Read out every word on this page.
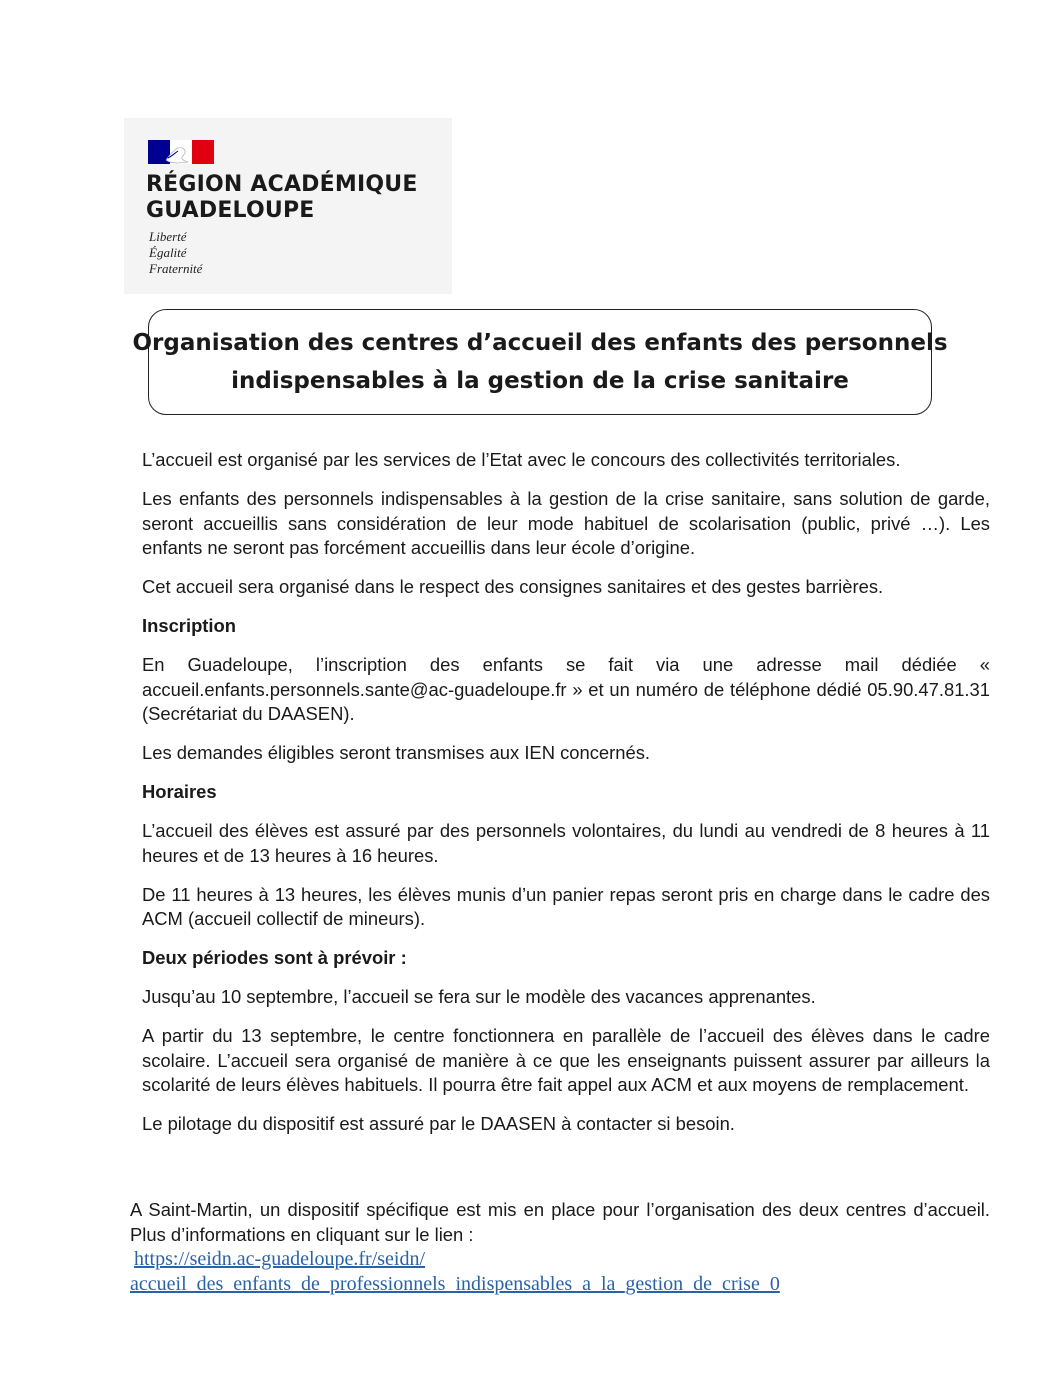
RÉGION ACADÉMIQUE
GUADELOUPE
Liberté
Égalité
Fraternité
Organisation des centres d’accueil des enfants des personnels
indispensables à la gestion de la crise sanitaire

L’accueil est organisé par les services de l’Etat avec le concours des collectivités territoriales.

Les enfants des personnels indispensables à la gestion de la crise sanitaire, sans solution de garde, seront accueillis sans considération de leur mode habituel de scolarisation (public, privé …). Les enfants ne seront pas forcément accueillis dans leur école d’origine.

Cet accueil sera organisé dans le respect des consignes sanitaires et des gestes barrières.

Inscription

En Guadeloupe, l’inscription des enfants se fait via une adresse mail dédiée « accueil.enfants.personnels.sante@ac-guadeloupe.fr » et un numéro de téléphone dédié 05.90.47.81.31 (Secrétariat du DAASEN).

Les demandes éligibles seront transmises aux IEN concernés.

Horaires

L’accueil des élèves est assuré par des personnels volontaires, du lundi au vendredi de 8 heures à 11 heures et de 13 heures à 16 heures.

De 11 heures à 13 heures, les élèves munis d’un panier repas seront pris en charge dans le cadre des ACM (accueil collectif de mineurs).

Deux périodes sont à prévoir :

Jusqu’au 10 septembre, l’accueil se fera sur le modèle des vacances apprenantes.

A partir du 13 septembre, le centre fonctionnera en parallèle de l’accueil des élèves dans le cadre scolaire. L’accueil sera organisé de manière à ce que les enseignants puissent assurer par ailleurs la scolarité de leurs élèves habituels. Il pourra être fait appel aux ACM et aux moyens de remplacement.

Le pilotage du dispositif est assuré par le DAASEN à contacter si besoin.

A Saint-Martin, un dispositif spécifique est mis en place pour l’organisation des deux centres d’accueil. Plus d’informations en cliquant sur le lien :

https://seidn.ac-guadeloupe.fr/seidn/
accueil_des_enfants_de_professionnels_indispensables_a_la_gestion_de_crise_0
